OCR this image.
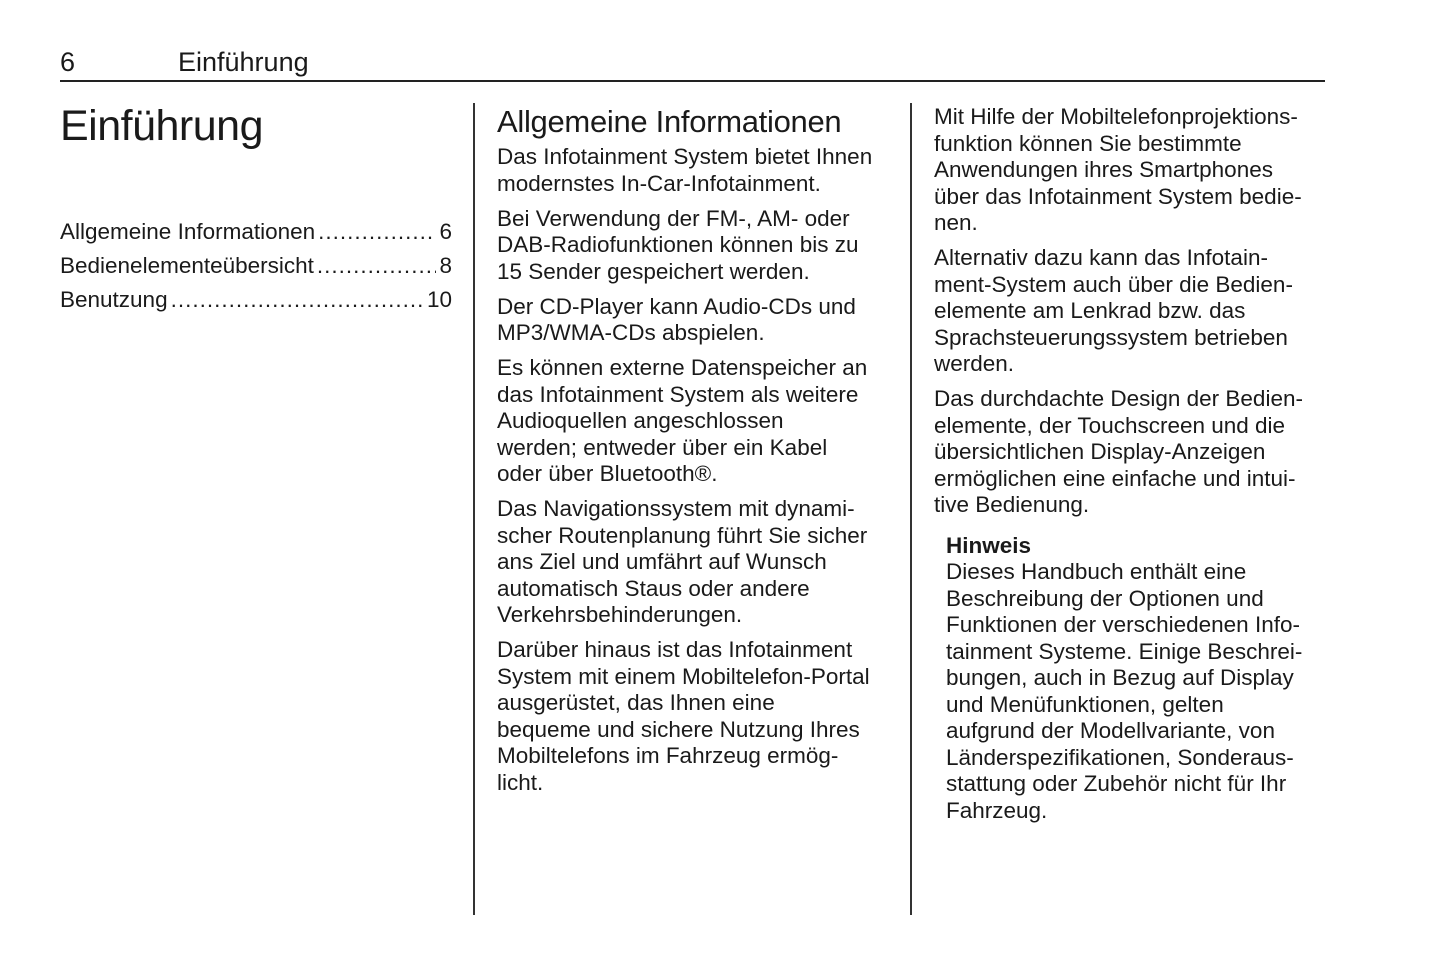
6	Einführung
Einführung
Allgemeine Informationen .....	6
Bedienelementeübersicht .....	8
Benutzung .....	10
Allgemeine Informationen

Das Infotainment System bietet Ihnen
modernstes In-Car-Infotainment.

Bei Verwendung der FM-, AM- oder
DAB-Radiofunktionen können bis zu
15 Sender gespeichert werden.

Der CD-Player kann Audio-CDs und
MP3/WMA-CDs abspielen.

Es können externe Datenspeicher an
das Infotainment System als weitere
Audioquellen angeschlossen
werden; entweder über ein Kabel
oder über Bluetooth®.

Das Navigationssystem mit dynami-
scher Routenplanung führt Sie sicher
ans Ziel und umfährt auf Wunsch
automatisch Staus oder andere
Verkehrsbehinderungen.

Darüber hinaus ist das Infotainment
System mit einem Mobiltelefon-Portal
ausgerüstet, das Ihnen eine
bequeme und sichere Nutzung Ihres
Mobiltelefons im Fahrzeug ermög-
licht.

Mit Hilfe der Mobiltelefonprojektions-
funktion können Sie bestimmte
Anwendungen ihres Smartphones
über das Infotainment System bedie-
nen.

Alternativ dazu kann das Infotain-
ment-System auch über die Bedien-
elemente am Lenkrad bzw. das
Sprachsteuerungssystem betrieben
werden.

Das durchdachte Design der Bedien-
elemente, der Touchscreen und die
übersichtlichen Display-Anzeigen
ermöglichen eine einfache und intui-
tive Bedienung.

Hinweis

Dieses Handbuch enthält eine
Beschreibung der Optionen und
Funktionen der verschiedenen Info-
tainment Systeme. Einige Beschrei-
bungen, auch in Bezug auf Display
und Menüfunktionen, gelten
aufgrund der Modellvariante, von
Länderspezifikationen, Sonderaus-
stattung oder Zubehör nicht für Ihr
Fahrzeug.
